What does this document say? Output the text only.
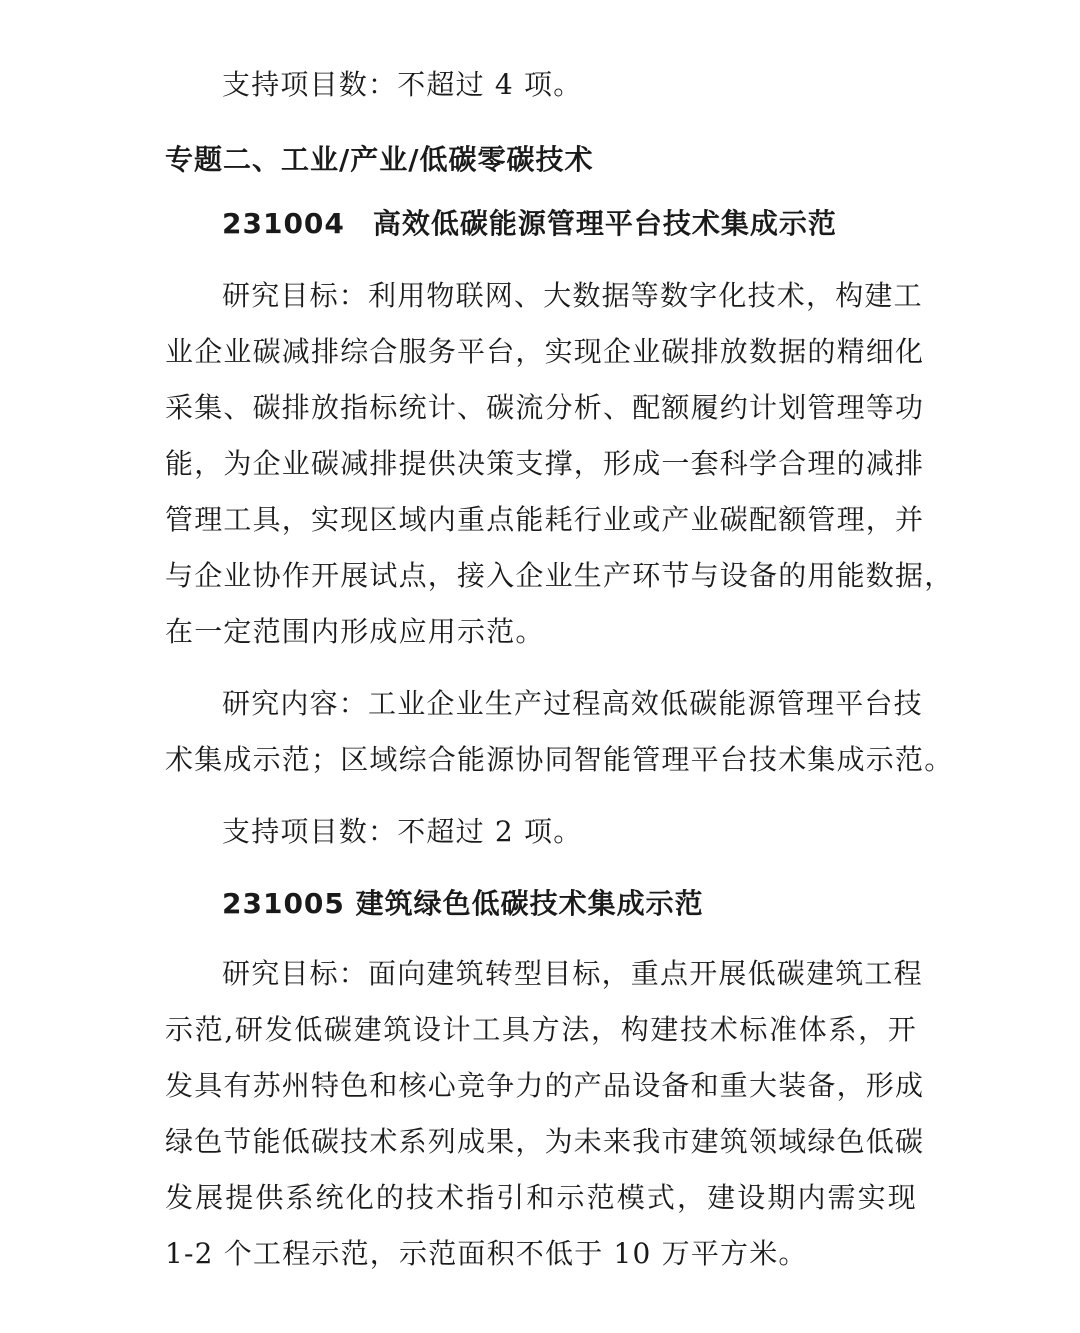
支持项目数：不超过 4 项。
专题二、工业/产业/低碳零碳技术
231004 高效低碳能源管理平台技术集成示范
研究目标：利用物联网、大数据等数字化技术，构建工
业企业碳减排综合服务平台，实现企业碳排放数据的精细化
采集、碳排放指标统计、碳流分析、配额履约计划管理等功
能，为企业碳减排提供决策支撑，形成一套科学合理的减排
管理工具，实现区域内重点能耗行业或产业碳配额管理，并
与企业协作开展试点，接入企业生产环节与设备的用能数据，
在一定范围内形成应用示范。
研究内容：工业企业生产过程高效低碳能源管理平台技
术集成示范；区域综合能源协同智能管理平台技术集成示范。
支持项目数：不超过 2 项。
231005 建筑绿色低碳技术集成示范
研究目标：面向建筑转型目标，重点开展低碳建筑工程
示范,研发低碳建筑设计工具方法，构建技术标准体系，开
发具有苏州特色和核心竞争力的产品设备和重大装备，形成
绿色节能低碳技术系列成果，为未来我市建筑领域绿色低碳
发展提供系统化的技术指引和示范模式，建设期内需实现
1-2 个工程示范，示范面积不低于 10 万平方米。
